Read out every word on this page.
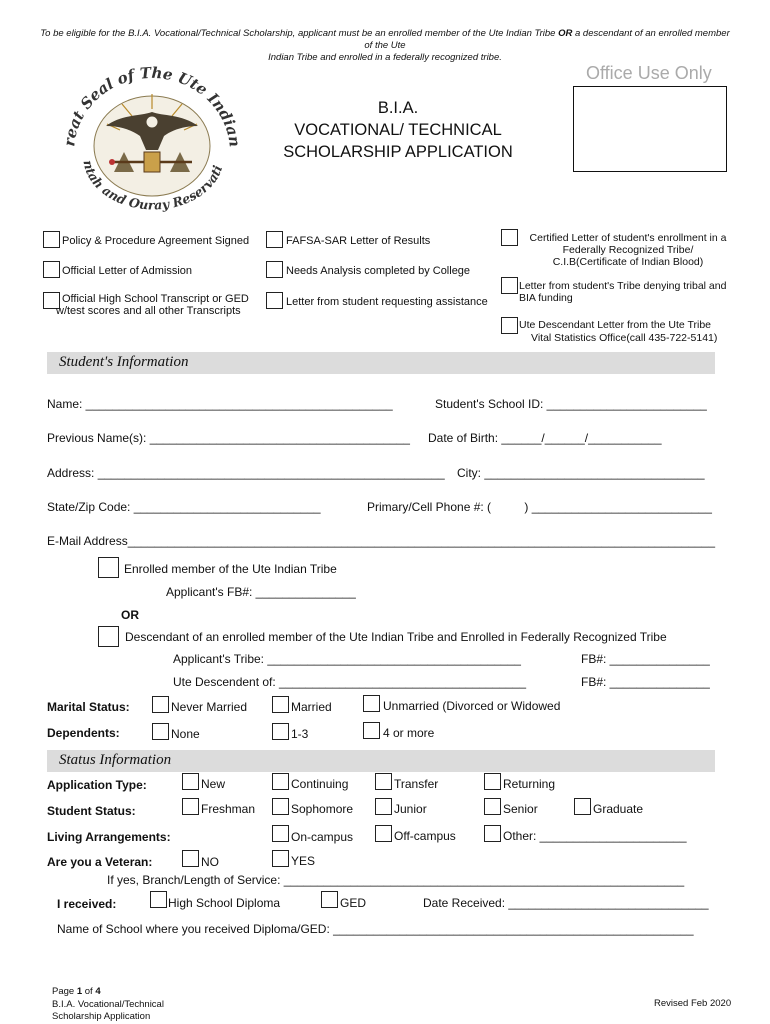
To be eligible for the B.I.A. Vocational/Technical Scholarship, applicant must be an enrolled member of the Ute Indian Tribe OR a descendant of an enrolled member of the Ute
Indian Tribe and enrolled in a federally recognized tribe.
reat Seal of The Ute Indian
ntah and Ouray Reservati
B.I.A.
VOCATIONAL/ TECHNICAL
SCHOLARSHIP APPLICATION
Office Use Only
Policy & Procedure Agreement Signed
Official Letter of Admission
Official High School Transcript or GED
w/test scores and all other Transcripts
FAFSA-SAR Letter of Results
Needs Analysis completed by College
Letter from student requesting assistance
Certified Letter of student's enrollment in a
Federally Recognized Tribe/
C.I.B(Certificate of Indian Blood)
Letter from student's Tribe denying tribal and
BIA funding
Ute Descendant Letter from the Ute Tribe
Vital Statistics Office(call 435-722-5141)
Student's Information
Name: ______________________________________________	Student's School ID: ________________________
Previous Name(s): _______________________________________ Date of Birth: ______/______/___________
Address: ____________________________________________________ City: _________________________________
State/Zip Code: ____________________________	Primary/Cell Phone #: (          ) ___________________________
E-Mail Address________________________________________________________________________________________
Enrolled member of the Ute Indian Tribe
Applicant's FB#: _______________
OR
Descendant of an enrolled member of the Ute Indian Tribe and Enrolled in Federally Recognized Tribe
Applicant's Tribe: ______________________________________	FB#: _______________
Ute Descendent of: _____________________________________	FB#: _______________
Marital Status:	Never Married	Married	Unmarried (Divorced or Widowed
Dependents:	None	1-3	4 or more
Status Information
Application Type:	New	Continuing	Transfer	Returning
Student Status:	Freshman	Sophomore	Junior	Senior	Graduate
Living Arrangements:	On-campus	Off-campus	Other: ______________________
Are you a Veteran:	NO	YES
If yes, Branch/Length of Service: ____________________________________________________________
I received:	High School Diploma	GED	Date Received: ______________________________
Name of School where you received Diploma/GED: ______________________________________________________
Page 1 of 4
B.I.A. Vocational/Technical
Scholarship Application
Revised Feb 2020
